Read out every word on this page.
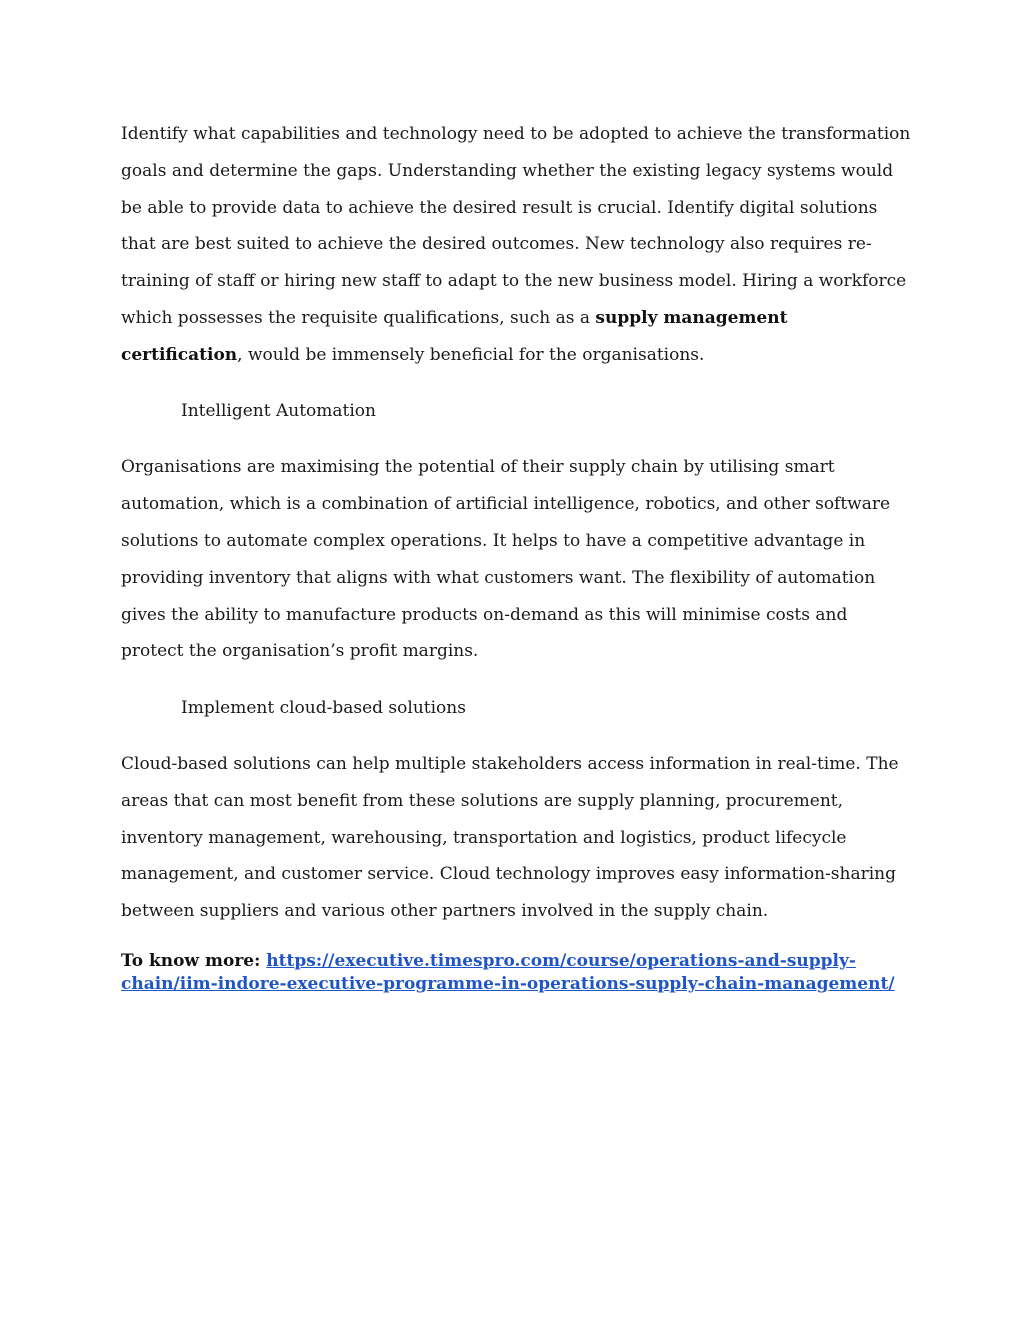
Identify what capabilities and technology need to be adopted to achieve the transformation goals and determine the gaps. Understanding whether the existing legacy systems would be able to provide data to achieve the desired result is crucial. Identify digital solutions that are best suited to achieve the desired outcomes. New technology also requires re-training of staff or hiring new staff to adapt to the new business model. Hiring a workforce which possesses the requisite qualifications, such as a supply management certification, would be immensely beneficial for the organisations.

Intelligent Automation

Organisations are maximising the potential of their supply chain by utilising smart automation, which is a combination of artificial intelligence, robotics, and other software solutions to automate complex operations. It helps to have a competitive advantage in providing inventory that aligns with what customers want. The flexibility of automation gives the ability to manufacture products on-demand as this will minimise costs and protect the organisation’s profit margins.

Implement cloud-based solutions

Cloud-based solutions can help multiple stakeholders access information in real-time. The areas that can most benefit from these solutions are supply planning, procurement, inventory management, warehousing, transportation and logistics, product lifecycle management, and customer service. Cloud technology improves easy information-sharing between suppliers and various other partners involved in the supply chain.

To know more: https://executive.timespro.com/course/operations-and-supply-chain/iim-indore-executive-programme-in-operations-supply-chain-management/
